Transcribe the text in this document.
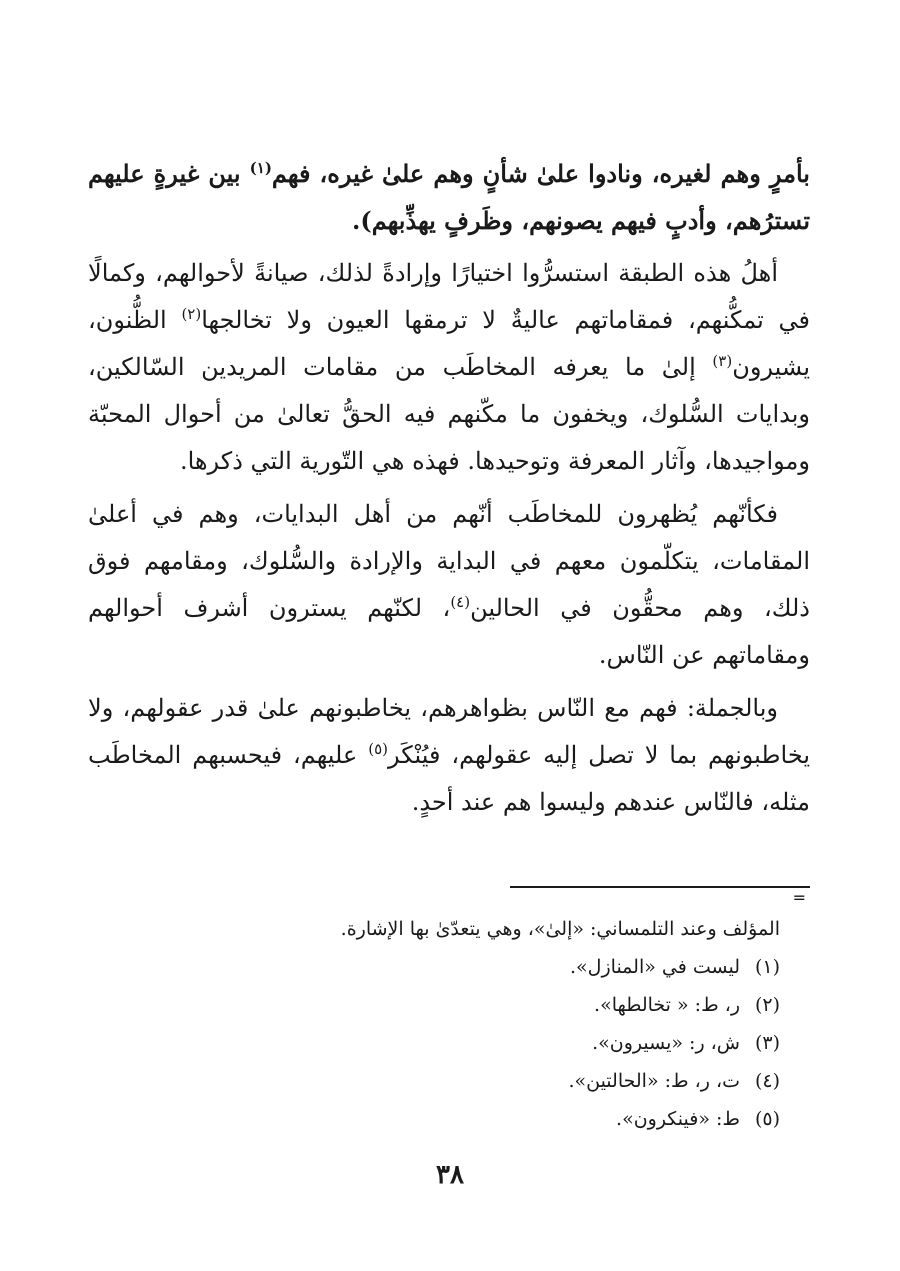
بأمرٍ وهم لغيره، ونادوا علىٰ شأنٍ وهم علىٰ غيره، فهم$^{(١)}$ بين غيرةٍ عليهم تسترُهم، وأدبٍ فيهم يصونهم، وظَرفٍ يهذِّبهم).

أهلُ هذه الطبقة استسرُّوا اختيارًا وإرادةً لذلك، صيانةً لأحوالهم، وكمالًا في تمكُّنهم، فمقاماتهم عاليةٌ لا ترمقها العيون ولا تخالجها$^{(٢)}$ الظُّنون، يشيرون$^{(٣)}$ إلىٰ ما يعرفه المخاطَب من مقامات المريدين السّالكين، وبدايات السُّلوك، ويخفون ما مكّنهم فيه الحقُّ تعالىٰ من أحوال المحبّة ومواجيدها، وآثار المعرفة وتوحيدها. فهذه هي التّورية التي ذكرها.

فكأنّهم يُظهرون للمخاطَب أنّهم من أهل البدايات، وهم في أعلىٰ المقامات، يتكلّمون معهم في البداية والإرادة والسُّلوك، ومقامهم فوق ذلك، وهم محقُّون في الحالين$^{(٤)}$، لكنّهم يسترون أشرف أحوالهم ومقاماتهم عن النّاس.

وبالجملة: فهم مع النّاس بظواهرهم، يخاطبونهم علىٰ قدر عقولهم، ولا يخاطبونهم بما لا تصل إليه عقولهم، فيُنْكَر$^{(٥)}$ عليهم، فيحسبهم المخاطَب مثله، فالنّاس عندهم وليسوا هم عند أحدٍ.

=
المؤلف وعند التلمساني: «إلىٰ»، وهي يتعدّىٰ بها الإشارة.
(١)ليست في «المنازل».
(٢)ر، ط: « تخالطها».
(٣)ش، ر: «يسيرون».
(٤)ت، ر، ط: «الحالتين».
(٥)ط: «فينكرون».
٣٨
